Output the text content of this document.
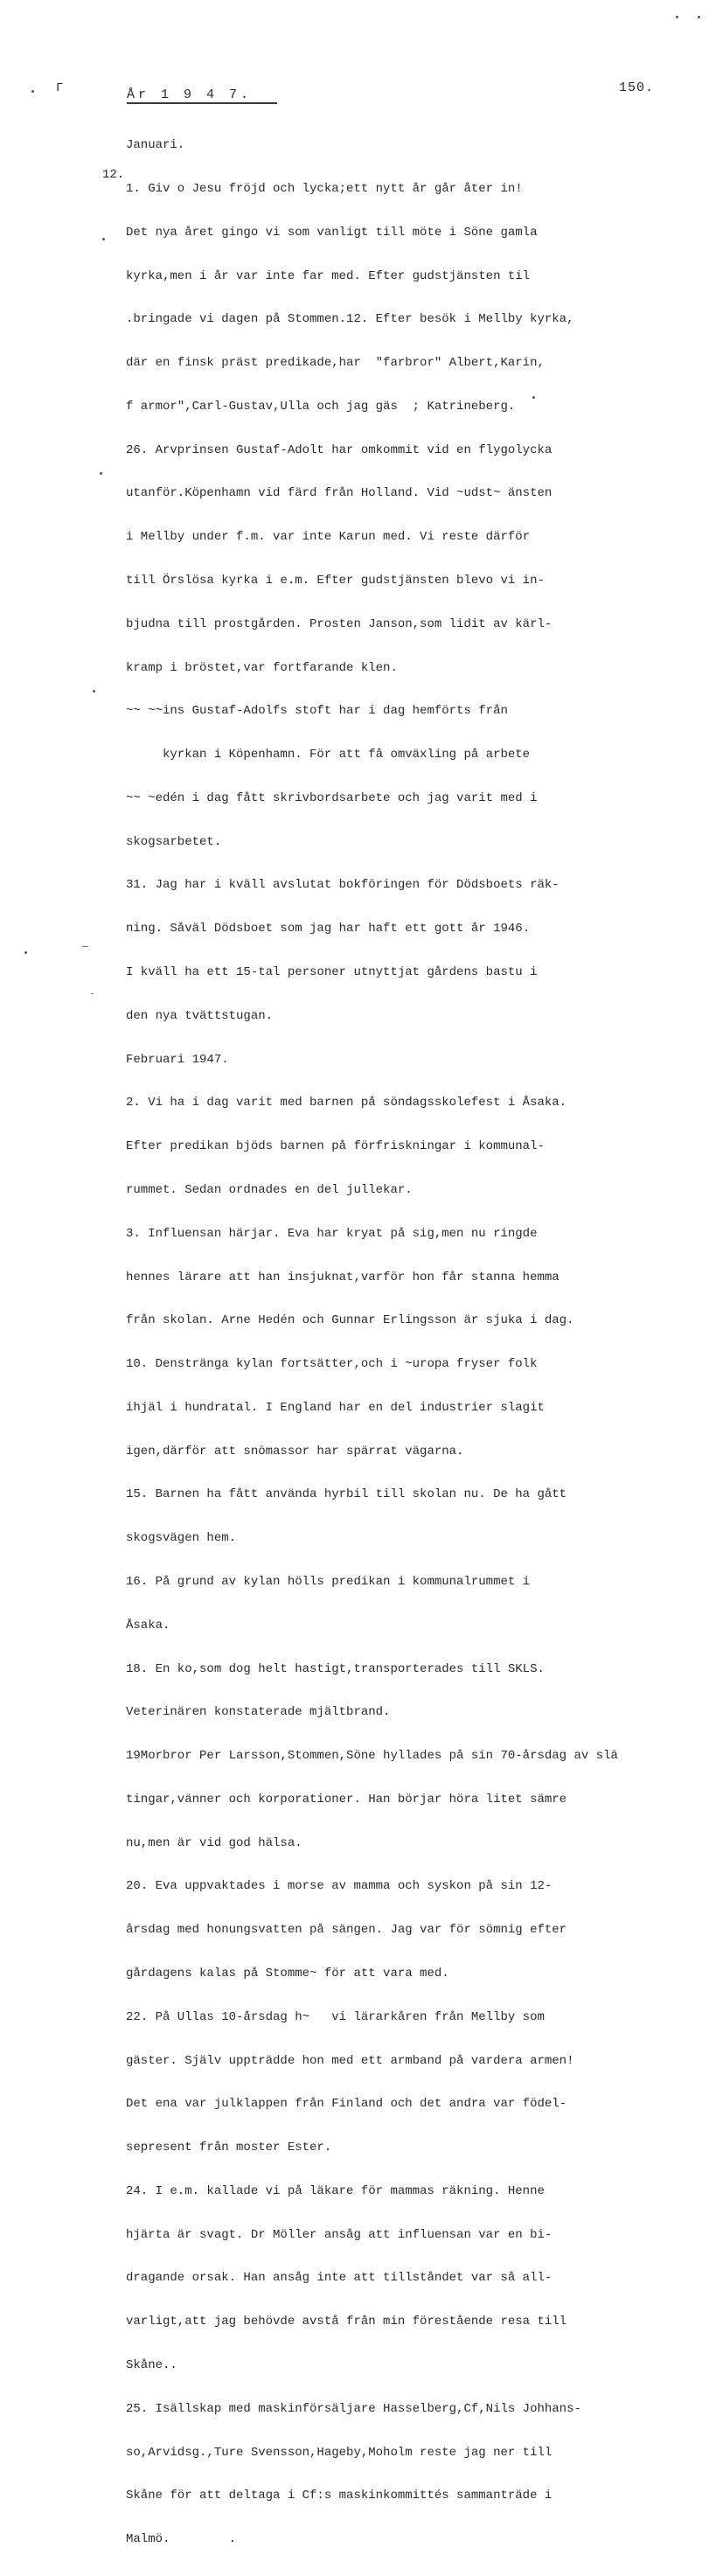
Γ	150.
År 1 9 4 7.
12.

Januari.

1. Giv o Jesu fröjd och lycka;ett nytt år går åter in!

Det nya året gingo vi som vanligt till möte i Söne gamla

kyrka,men i år var inte far med. Efter gudstjänsten til

.bringade vi dagen på Stommen.12. Efter besök i Mellby kyrka,

där en finsk präst predikade,har  "farbror" Albert,Karin,

f armor",Carl-Gustav,Ulla och jag gäs  ; Katrineberg.

26. Arvprinsen Gustaf-Adolt har omkommit vid en flygolycka

utanför.Köpenhamn vid färd från Holland. Vid ~udst~ änsten

i Mellby under f.m. var inte Karun med. Vi reste därför

till Örslösa kyrka i e.m. Efter gudstjänsten blevo vi in-

bjudna till prostgården. Prosten Janson,som lidit av kärl-

kramp i bröstet,var fortfarande klen.

~~ ~~ins Gustaf-Adolfs stoft har i dag hemförts från

kyrkan i Köpenhamn. För att få omväxling på arbete

~~ ~edén i dag fått skrivbordsarbete och jag varit med i

skogsarbetet.

31. Jag har i kväll avslutat bokföringen för Dödsboets räk-

ning. Såväl Dödsboet som jag har haft ett gott år 1946.

I kväll ha ett 15-tal personer utnyttjat gårdens bastu i

den nya tvättstugan.

Februari 1947.

2. Vi ha i dag varit med barnen på söndagsskolefest i Åsaka.

Efter predikan bjöds barnen på förfriskningar i kommunal-

rummet. Sedan ordnades en del jullekar.

3. Influensan härjar. Eva har kryat på sig,men nu ringde

hennes lärare att han insjuknat,varför hon får stanna hemma

från skolan. Arne Hedén och Gunnar Erlingsson är sjuka i dag.

10. Denstränga kylan fortsätter,och i ~uropa fryser folk

ihjäl i hundratal. I England har en del industrier slagit

igen,därför att snömassor har spärrat vägarna.

15. Barnen ha fått använda hyrbil till skolan nu. De ha gått

skogsvägen hem.

16. På grund av kylan hölls predikan i kommunalrummet i

Åsaka.

18. En ko,som dog helt hastigt,transporterades till SKLS.

Veterinären konstaterade mjältbrand.

19Morbror Per Larsson,Stommen,Söne hyllades på sin 70-årsdag av slä

tingar,vänner och korporationer. Han börjar höra litet sämre

nu,men är vid god hälsa.

20. Eva uppvaktades i morse av mamma och syskon på sin 12-

årsdag med honungsvatten på sängen. Jag var för sömnig efter

gårdagens kalas på Stomme~ för att vara med.

22. På Ullas 10-årsdag h~   vi lärarkåren från Mellby som

gäster. Själv uppträdde hon med ett armband på vardera armen!

Det ena var julklappen från Finland och det andra var födel-

sepresent från moster Ester.

24. I e.m. kallade vi på läkare för mammas räkning. Henne

hjärta är svagt. Dr Möller ansåg att influensan var en bi-

dragande orsak. Han ansåg inte att tillståndet var så all-

varligt,att jag behövde avstå från min förestående resa till

Skåne..

25. Isällskap med maskinförsäljare Hasselberg,Cf,Nils Johhans-

so,Arvidsg.,Ture Svensson,Hageby,Moholm reste jag ner till

Skåne för att deltaga i Cf:s maskinkommittés sammanträde i

Malmö.        .
